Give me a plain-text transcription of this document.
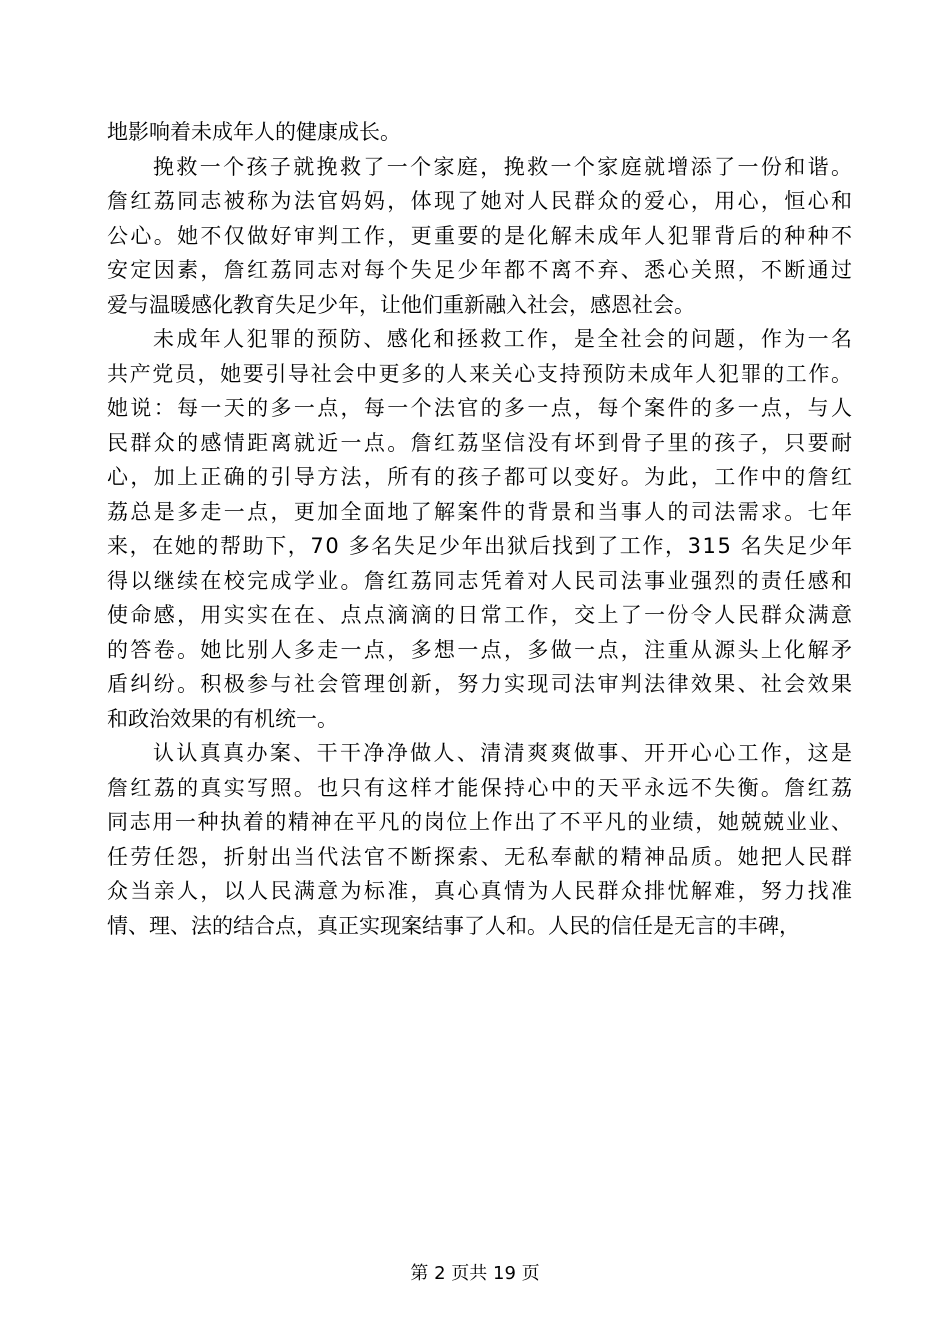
地影响着未成年人的健康成长。
挽救一个孩子就挽救了一个家庭，挽救一个家庭就增添了一份和谐。
詹红荔同志被称为法官妈妈，体现了她对人民群众的爱心，用心，恒心和
公心。她不仅做好审判工作，更重要的是化解未成年人犯罪背后的种种不
安定因素，詹红荔同志对每个失足少年都不离不弃、悉心关照，不断通过
爱与温暖感化教育失足少年，让他们重新融入社会，感恩社会。
未成年人犯罪的预防、感化和拯救工作，是全社会的问题，作为一名
共产党员，她要引导社会中更多的人来关心支持预防未成年人犯罪的工作。
她说：每一天的多一点，每一个法官的多一点，每个案件的多一点，与人
民群众的感情距离就近一点。詹红荔坚信没有坏到骨子里的孩子，只要耐
心，加上正确的引导方法，所有的孩子都可以变好。为此，工作中的詹红
荔总是多走一点，更加全面地了解案件的背景和当事人的司法需求。七年
来，在她的帮助下，70 多名失足少年出狱后找到了工作，315 名失足少年
得以继续在校完成学业。詹红荔同志凭着对人民司法事业强烈的责任感和
使命感，用实实在在、点点滴滴的日常工作，交上了一份令人民群众满意
的答卷。她比别人多走一点，多想一点，多做一点，注重从源头上化解矛
盾纠纷。积极参与社会管理创新，努力实现司法审判法律效果、社会效果
和政治效果的有机统一。
认认真真办案、干干净净做人、清清爽爽做事、开开心心工作，这是
詹红荔的真实写照。也只有这样才能保持心中的天平永远不失衡。詹红荔
同志用一种执着的精神在平凡的岗位上作出了不平凡的业绩，她兢兢业业、
任劳任怨，折射出当代法官不断探索、无私奉献的精神品质。她把人民群
众当亲人，以人民满意为标准，真心真情为人民群众排忧解难，努力找准
情、理、法的结合点，真正实现案结事了人和。人民的信任是无言的丰碑，
第 2 页共 19 页
